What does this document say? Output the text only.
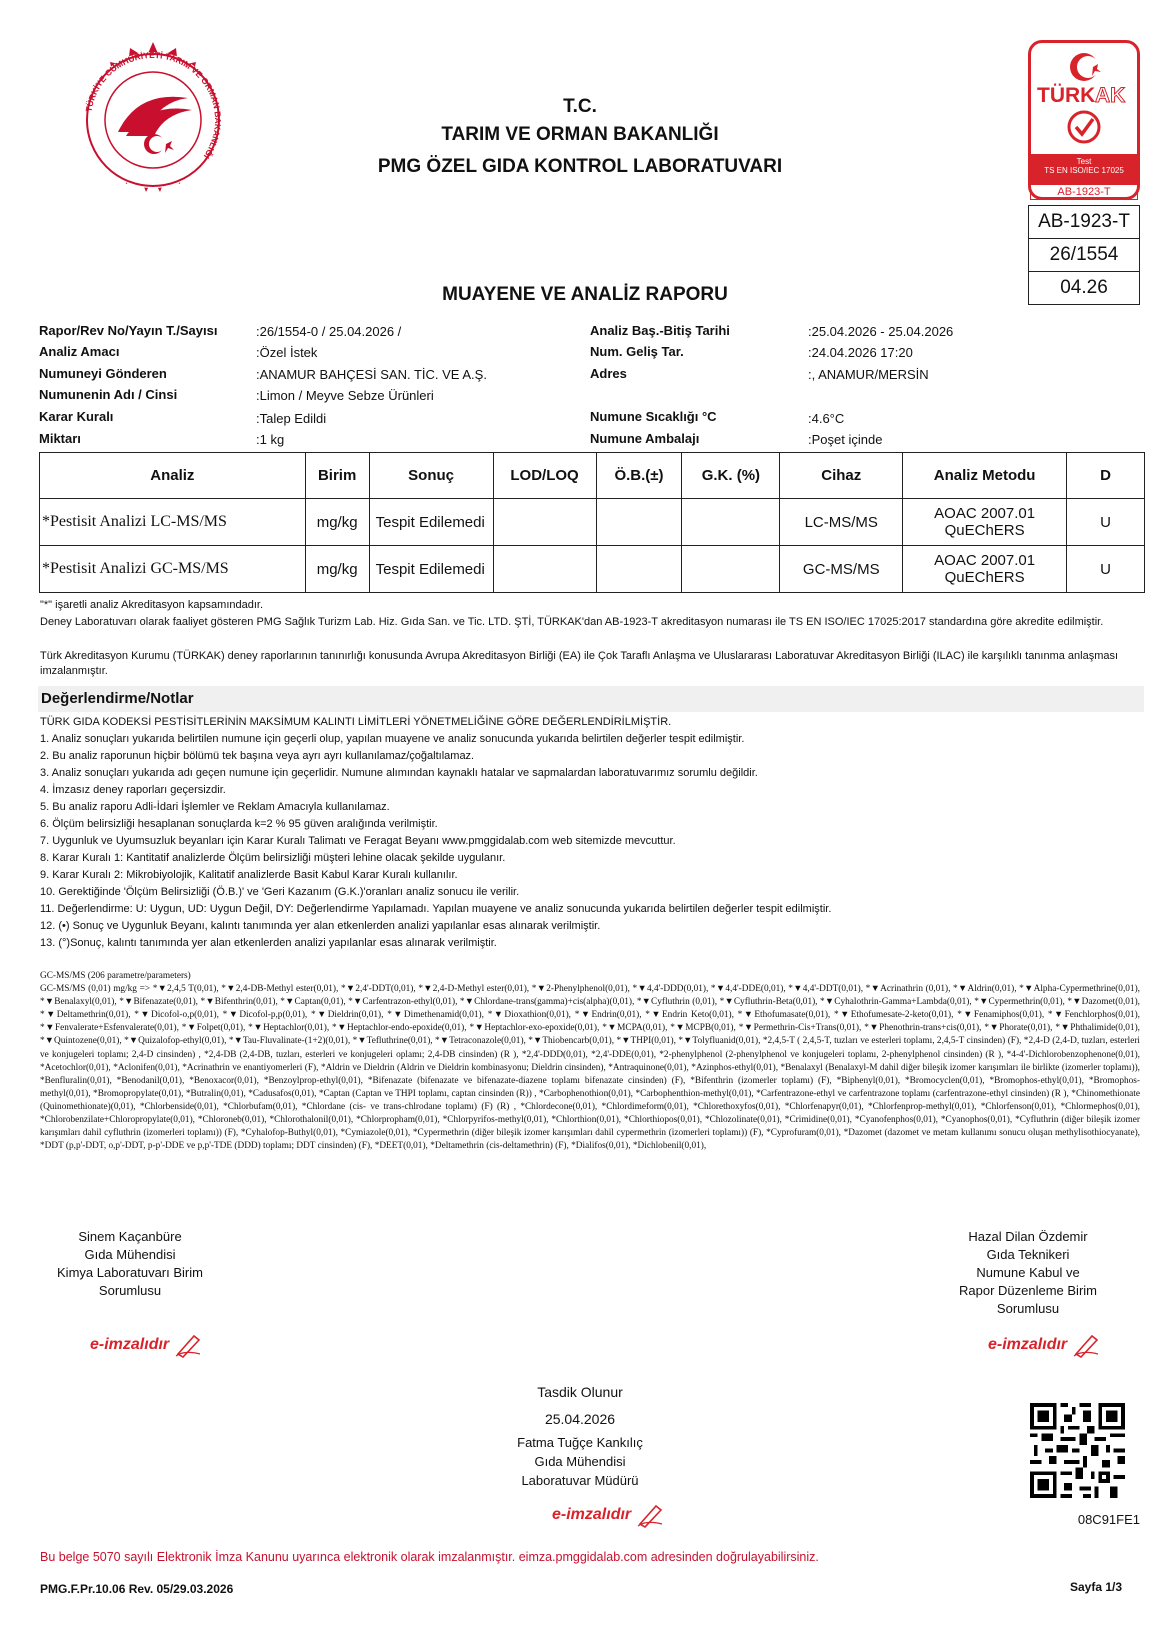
TÜRKİYE CUMHURİYETİ TARIM VE ORMAN BAKANLIĞI
T.C.
TARIM VE ORMAN BAKANLIĞI
PMG ÖZEL GIDA KONTROL LABORATUVARI
TÜRK AK
Test
TS EN ISO/IEC 17025
AB-1923-T
AB-1923-T
26/1554
04.26
MUAYENE VE ANALİZ RAPORU
Rapor/Rev No/Yayın T./Sayısı	:26/1554-0 / 25.04.2026 /
Analiz Amacı	:Özel İstek
Numuneyi Gönderen	:ANAMUR BAHÇESİ SAN. TİC. VE A.Ş.
Numunenin Adı / Cinsi	:Limon / Meyve Sebze Ürünleri
Karar Kuralı	:Talep Edildi
Miktarı	:1 kg
Analiz Baş.-Bitiş Tarihi	:25.04.2026 - 25.04.2026
Num. Geliş Tar.	:24.04.2026 17:20
Adres	:, ANAMUR/MERSİN
Numune Sıcaklığı °C	:4.6°C
Numune Ambalajı	:Poşet içinde
Analiz	Birim	Sonuç	LOD/LOQ	Ö.B.(±)	G.K. (%)	Cihaz	Analiz Metodu	D
*Pestisit Analizi LC-MS/MS	mg/kg	Tespit Edilemedi				LC-MS/MS	AOAC 2007.01
QuEChERS	U
*Pestisit Analizi GC-MS/MS	mg/kg	Tespit Edilemedi				GC-MS/MS	AOAC 2007.01
QuEChERS	U
"*" işaretli analiz Akreditasyon kapsamındadır.
Deney Laboratuvarı olarak faaliyet gösteren PMG Sağlık Turizm Lab. Hiz. Gıda San. ve Tic. LTD. ŞTİ, TÜRKAK'dan AB-1923-T akreditasyon numarası ile TS EN ISO/IEC 17025:2017 standardına göre akredite edilmiştir.
Türk Akreditasyon Kurumu (TÜRKAK) deney raporlarının tanınırlığı konusunda Avrupa Akreditasyon Birliği (EA) ile Çok Taraflı Anlaşma ve Uluslararası Laboratuvar Akreditasyon Birliği (ILAC) ile karşılıklı tanınma anlaşması imzalanmıştır.
Değerlendirme/Notlar
TÜRK GIDA KODEKSİ PESTİSİTLERİNİN MAKSİMUM KALINTI LİMİTLERİ YÖNETMELİĞİNE GÖRE DEĞERLENDİRİLMİŞTİR.
1. Analiz sonuçları yukarıda belirtilen numune için geçerli olup, yapılan muayene ve analiz sonucunda yukarıda belirtilen değerler tespit edilmiştir.
2. Bu analiz raporunun hiçbir bölümü tek başına veya ayrı ayrı kullanılamaz/çoğaltılamaz.
3. Analiz sonuçları yukarıda adı geçen numune için geçerlidir. Numune alımından kaynaklı hatalar ve sapmalardan laboratuvarımız sorumlu değildir.
4. İmzasız deney raporları geçersizdir.
5. Bu analiz raporu Adli-İdari İşlemler ve Reklam Amacıyla kullanılamaz.
6. Ölçüm belirsizliği hesaplanan sonuçlarda k=2 % 95 güven aralığında verilmiştir.
7. Uygunluk ve Uyumsuzluk beyanları için Karar Kuralı Talimatı ve Feragat Beyanı www.pmggidalab.com web sitemizde mevcuttur.
8. Karar Kuralı 1: Kantitatif analizlerde Ölçüm belirsizliği müşteri lehine olacak şekilde uygulanır.
9. Karar Kuralı 2: Mikrobiyolojik, Kalitatif analizlerde Basit Kabul Karar Kuralı kullanılır.
10. Gerektiğinde 'Ölçüm Belirsizliği (Ö.B.)' ve 'Geri Kazanım (G.K.)'oranları analiz sonucu ile verilir.
11. Değerlendirme: U: Uygun, UD: Uygun Değil, DY: Değerlendirme Yapılamadı. Yapılan muayene ve analiz sonucunda yukarıda belirtilen değerler tespit edilmiştir.
12. (•) Sonuç ve Uygunluk Beyanı, kalıntı tanımında yer alan etkenlerden analizi yapılanlar esas alınarak verilmiştir.
13. (°)Sonuç, kalıntı tanımında yer alan etkenlerden analizi yapılanlar esas alınarak verilmiştir.
GC-MS/MS (206 parametre/parameters)
GC-MS/MS (0,01) mg/kg => *▼2,4,5 T(0,01), *▼2,4-DB-Methyl ester(0,01), *▼2,4'-DDT(0,01), *▼2,4-D-Methyl ester(0,01), *▼2-Phenylphenol(0,01), *▼4,4'-DDD(0,01), *▼4,4'-DDE(0,01), *▼4,4'-DDT(0,01), *▼Acrinathrin (0,01), *▼Aldrin(0,01), *▼Alpha-Cypermethrine(0,01), *▼Benalaxyl(0,01), *▼Bifenazate(0,01), *▼Bifenthrin(0,01), *▼Captan(0,01), *▼Carfentrazon-ethyl(0,01), *▼Chlordane-trans(gamma)+cis(alpha)(0,01), *▼Cyfluthrin (0,01), *▼Cyfluthrin-Beta(0,01), *▼Cyhalothrin-Gamma+Lambda(0,01), *▼Cypermethrin(0,01), *▼Dazomet(0,01), *▼Deltamethrin(0,01), *▼Dicofol-o,p(0,01), *▼Dicofol-p,p(0,01), *▼Dieldrin(0,01), *▼Dimethenamid(0,01), *▼Dioxathion(0,01), *▼Endrin(0,01), *▼Endrin Keto(0,01), *▼Ethofumasate(0,01), *▼Ethofumesate-2-keto(0,01), *▼Fenamiphos(0,01), *▼Fenchlorphos(0,01), *▼Fenvalerate+Esfenvalerate(0,01), *▼Folpet(0,01), *▼Heptachlor(0,01), *▼Heptachlor-endo-epoxide(0,01), *▼Heptachlor-exo-epoxide(0,01), *▼MCPA(0,01), *▼MCPB(0,01), *▼Permethrin-Cis+Trans(0,01), *▼Phenothrin-trans+cis(0,01), *▼Phorate(0,01), *▼Phthalimide(0,01), *▼Quintozene(0,01), *▼Quizalofop-ethyl(0,01), *▼Tau-Fluvalinate-(1+2)(0,01), *▼Tefluthrine(0,01), *▼Tetraconazole(0,01), *▼Thiobencarb(0,01), *▼THPI(0,01), *▼Tolyfluanid(0,01), *2,4,5-T ( 2,4,5-T, tuzları ve esterleri toplamı, 2,4,5-T cinsinden) (F), *2,4-D (2,4-D, tuzları, esterleri ve konjugeleri toplamı; 2,4-D cinsinden) , *2,4-DB (2,4-DB, tuzları, esterleri ve konjugeleri oplamı; 2,4-DB cinsinden) (R ), *2,4'-DDD(0,01), *2,4'-DDE(0,01), *2-phenylphenol (2-phenylphenol ve konjugeleri toplamı, 2-phenylphenol cinsinden) (R ), *4-4'-Dichlorobenzophenone(0,01), *Acetochlor(0,01), *Aclonifen(0,01), *Acrinathrin ve enantiyomerleri (F), *Aldrin ve Dieldrin (Aldrin ve Dieldrin kombinasyonu; Dieldrin cinsinden), *Antraquinone(0,01), *Azinphos-ethyl(0,01), *Benalaxyl (Benalaxyl-M dahil diğer bileşik izomer karışımları ile birlikte (izomerler toplamı)), *Benfluralin(0,01), *Benodanil(0,01), *Benoxacor(0,01), *Benzoylprop-ethyl(0,01), *Bifenazate (bifenazate ve bifenazate-diazene toplamı bifenazate cinsinden) (F), *Bifenthrin (izomerler toplamı) (F), *Biphenyl(0,01), *Bromocyclen(0,01), *Bromophos-ethyl(0,01), *Bromophos-methyl(0,01), *Bromopropylate(0,01), *Butralin(0,01), *Cadusafos(0,01), *Captan (Captan ve THPI toplamı, captan cinsinden (R)) , *Carbophenothion(0,01), *Carbophenthion-methyl(0,01), *Carfentrazone-ethyl ve carfentrazone toplamı (carfentrazone-ethyl cinsinden) (R ), *Chinomethionate (Quinomethionate)(0,01), *Chlorbenside(0,01), *Chlorbufam(0,01), *Chlordane (cis- ve trans-chlrodane toplamı) (F) (R) , *Chlordecone(0,01), *Chlordimeform(0,01), *Chlorethoxyfos(0,01), *Chlorfenapyr(0,01), *Chlorfenprop-methyl(0,01), *Chlorfenson(0,01), *Chlormephos(0,01), *Chlorobenzilate+Chloropropylate(0,01), *Chloroneb(0,01), *Chlorothalonil(0,01), *Chlorpropham(0,01), *Chlorpyrifos-methyl(0,01), *Chlorthion(0,01), *Chlorthiopos(0,01), *Chlozolinate(0,01), *Crimidine(0,01), *Cyanofenphos(0,01), *Cyanophos(0,01), *Cyfluthrin (diğer bileşik izomer karışımları dahil cyfluthrin (izomerleri toplamı)) (F), *Cyhalofop-Buthyl(0,01), *Cymiazole(0,01), *Cypermethrin (diğer bileşik izomer karışımları dahil cypermethrin (izomerleri toplamı)) (F), *Cyprofuram(0,01), *Dazomet (dazomet ve metam kullanımı sonucu oluşan methylisothiocyanate), *DDT (p,p'-DDT, o,p'-DDT, p-p'-DDE ve p,p'-TDE (DDD) toplamı; DDT cinsinden) (F), *DEET(0,01), *Deltamethrin (cis-deltamethrin) (F), *Dialifos(0,01), *Dichlobenil(0,01),
Sinem Kaçanbüre
Gıda Mühendisi
Kimya Laboratuvarı Birim
Sorumlusu
e-imzalıdır
Hazal Dilan Özdemir
Gıda Teknikeri
Numune Kabul ve
Rapor Düzenleme Birim
Sorumlusu
e-imzalıdır
Tasdik Olunur
25.04.2026
Fatma Tuğçe Kankılıç
Gıda Mühendisi
Laboratuvar Müdürü
e-imzalıdır	08C91FE1
Bu belge 5070 sayılı Elektronik İmza Kanunu uyarınca elektronik olarak imzalanmıştır. eimza.pmggidalab.com adresinden doğrulayabilirsiniz.
PMG.F.Pr.10.06 Rev. 05/29.03.2026	Sayfa 1/3
